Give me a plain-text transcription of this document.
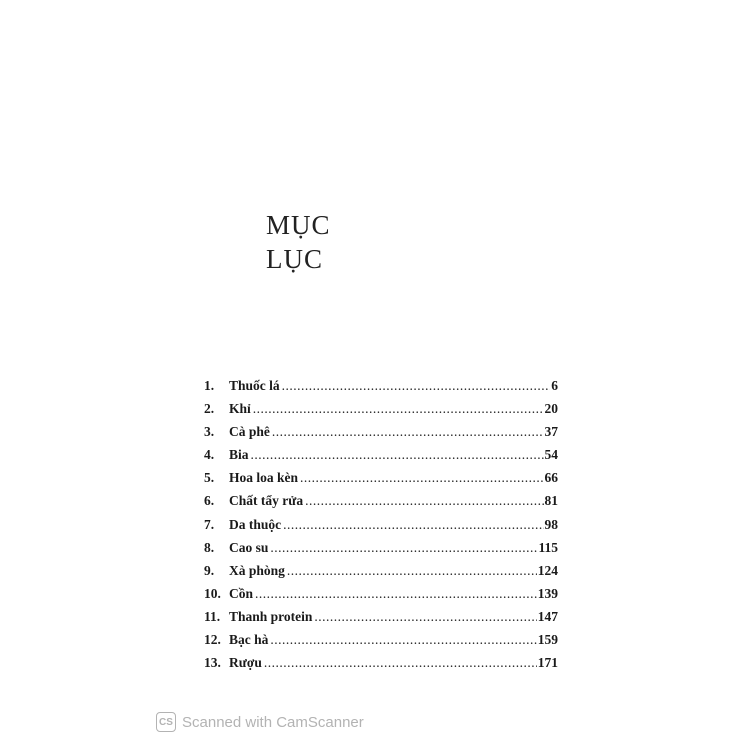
MỤC
LỤC
1.	Thuốc lá .....	6
2.	Khỉ .....	20
3.	Cà phê .....	37
4.	Bia .....	54
5.	Hoa loa kèn .....	66
6.	Chất tẩy rửa .....	81
7.	Da thuộc .....	98
8.	Cao su .....	115
9.	Xà phòng .....	124
10. Cồn .....	139
11. Thanh protein .....	147
12. Bạc hà .....	159
13. Rượu .....	171
CS Scanned with CamScanner
